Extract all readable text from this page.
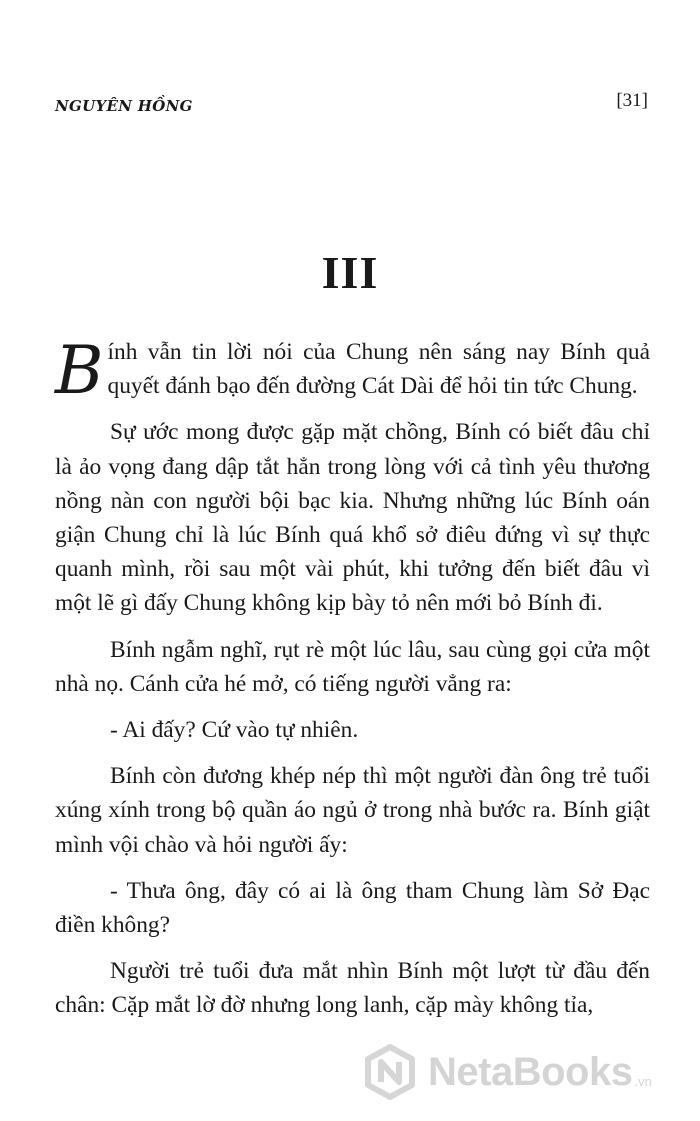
NGUYÊN HỒNG	[31]
III

Bính vẫn tin lời nói của Chung nên sáng nay Bính quả quyết đánh bạo đến đường Cát Dài để hỏi tin tức Chung.

Sự ước mong được gặp mặt chồng, Bính có biết đâu chỉ là ảo vọng đang dập tắt hẳn trong lòng với cả tình yêu thương nồng nàn con người bội bạc kia. Nhưng những lúc Bính oán giận Chung chỉ là lúc Bính quá khổ sở điêu đứng vì sự thực quanh mình, rồi sau một vài phút, khi tưởng đến biết đâu vì một lẽ gì đấy Chung không kịp bày tỏ nên mới bỏ Bính đi.

Bính ngẫm nghĩ, rụt rè một lúc lâu, sau cùng gọi cửa một nhà nọ. Cánh cửa hé mở, có tiếng người vẳng ra:

- Ai đấy? Cứ vào tự nhiên.

Bính còn đương khép nép thì một người đàn ông trẻ tuổi xúng xính trong bộ quần áo ngủ ở trong nhà bước ra. Bính giật mình vội chào và hỏi người ấy:

- Thưa ông, đây có ai là ông tham Chung làm Sở Đạc điền không?

Người trẻ tuổi đưa mắt nhìn Bính một lượt từ đầu đến chân: Cặp mắt lờ đờ nhưng long lanh, cặp mày không tỉa,

NetaBooks .vn
